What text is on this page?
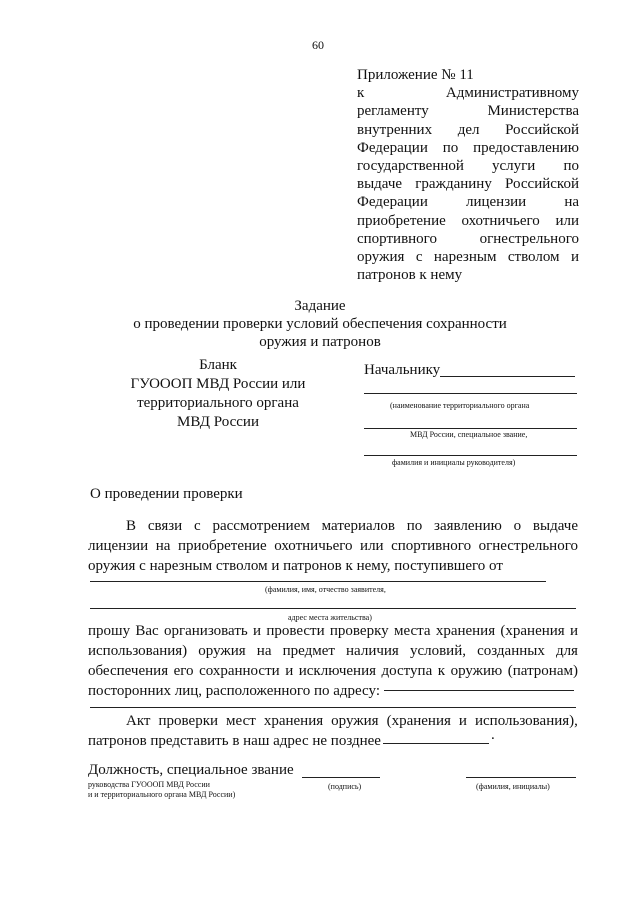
60
Приложение № 11
к	Административному
регламенту	Министерства
внутренних дел Российской
Федерации по предоставлению
государственной услуги по
выдаче гражданину Российской
Федерации	лицензии	на
приобретение охотничьего или
спортивного	огнестрельного
оружия с нарезным стволом и
патронов к нему
Задание
о проведении проверки условий обеспечения сохранности
оружия и патронов
Бланк
ГУОООП МВД России или
территориального органа
МВД России
Начальнику
(наименование территориального органа
МВД России, специальное звание,
фамилия и инициалы руководителя)
О проведении проверки
В связи с рассмотрением материалов по заявлению о выдаче
лицензии на приобретение охотничьего или спортивного огнестрельного
оружия
с
нарезным
стволом
и
патронов
к
нему,
поступившего
от
(фамилия, имя, отчество заявителя,
адрес места жительства)
прошу Вас организовать и провести проверку места хранения (хранения и
использования) оружия на предмет наличия условий, созданных для
обеспечения его сохранности и исключения доступа к оружию (патронам)
посторонних лиц, расположенного по адресу:
Акт проверки мест хранения оружия (хранения и использования),
патронов представить в наш адрес не позднее	.
Должность, специальное звание
руководства ГУОООП МВД России
и и территориального органа МВД России)
(подпись)	(фамилия, инициалы)
